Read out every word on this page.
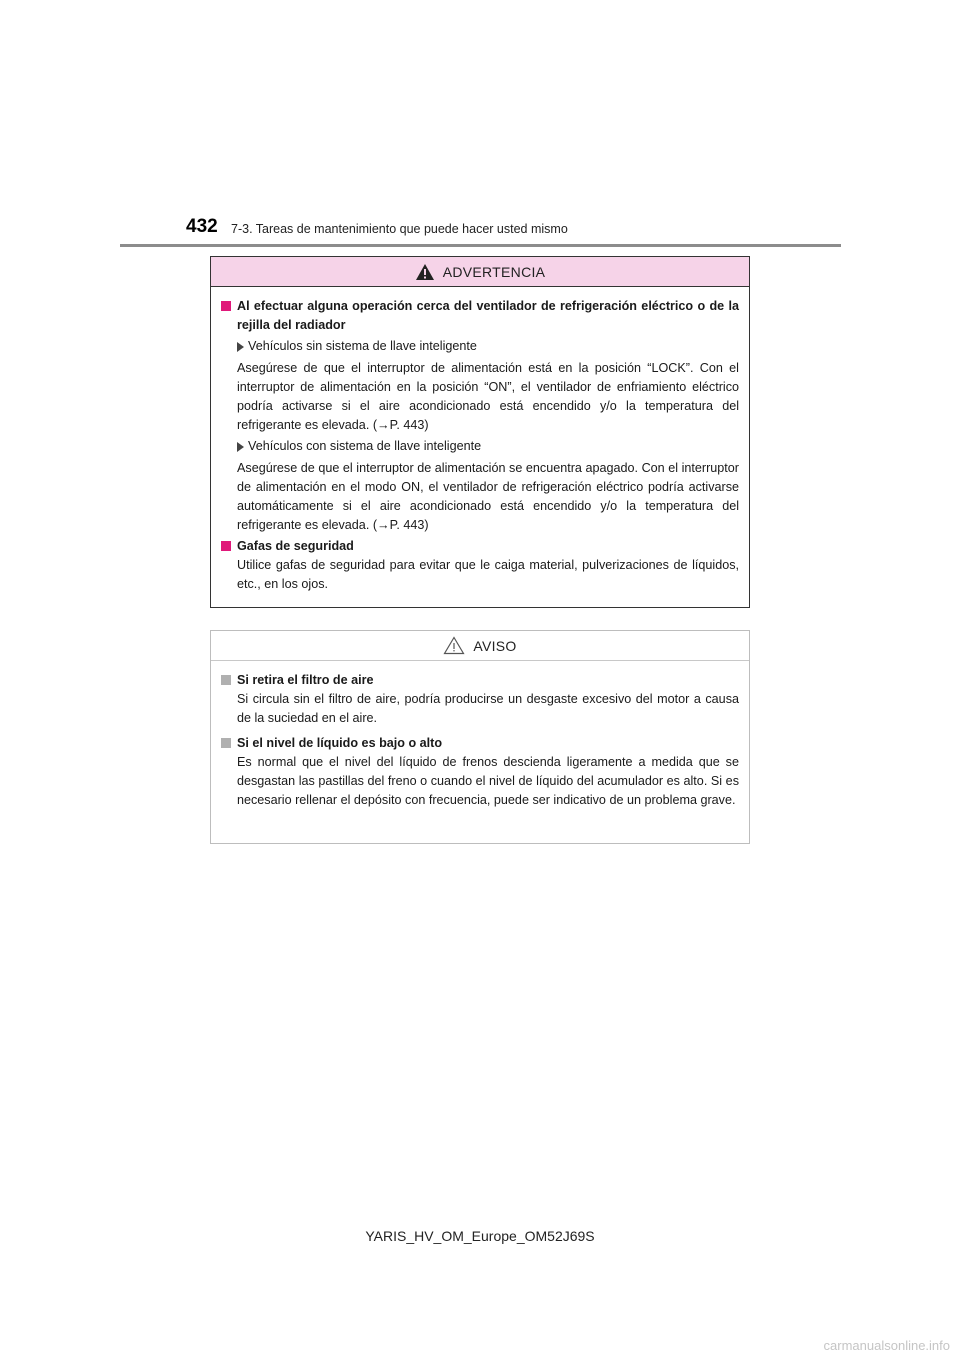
432 7-3. Tareas de mantenimiento que puede hacer usted mismo
ADVERTENCIA
Al efectuar alguna operación cerca del ventilador de refrigeración eléctrico o de la rejilla del radiador
Vehículos sin sistema de llave inteligente
Asegúrese de que el interruptor de alimentación está en la posición “LOCK”. Con el interruptor de alimentación en la posición “ON”, el ventilador de enfriamiento eléctrico podría activarse si el aire acondicionado está encendido y/o la temperatura del refrigerante es elevada. (→P. 443)
Vehículos con sistema de llave inteligente
Asegúrese de que el interruptor de alimentación se encuentra apagado. Con el interruptor de alimentación en el modo ON, el ventilador de refrigeración eléctrico podría activarse automáticamente si el aire acondicionado está encendido y/o la temperatura del refrigerante es elevada. (→P. 443)
Gafas de seguridad
Utilice gafas de seguridad para evitar que le caiga material, pulverizaciones de líquidos, etc., en los ojos.
AVISO
Si retira el filtro de aire
Si circula sin el filtro de aire, podría producirse un desgaste excesivo del motor a causa de la suciedad en el aire.
Si el nivel de líquido es bajo o alto
Es normal que el nivel del líquido de frenos descienda ligeramente a medida que se desgastan las pastillas del freno o cuando el nivel de líquido del acumulador es alto. Si es necesario rellenar el depósito con frecuencia, puede ser indicativo de un problema grave.
YARIS_HV_OM_Europe_OM52J69S
carmanualsonline.info
